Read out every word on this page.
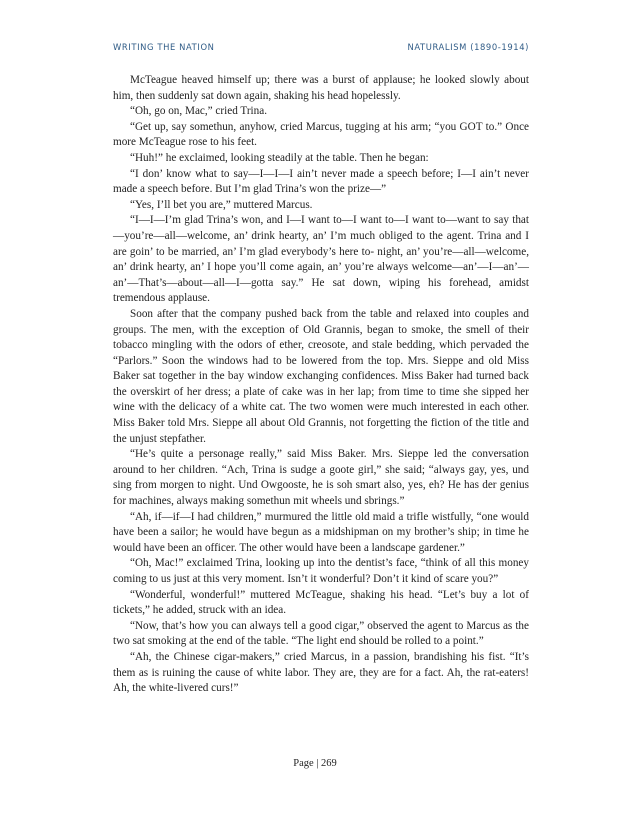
WRITING THE NATION	NATURALISM (1890-1914)

McTeague heaved himself up; there was a burst of applause; he looked slowly about him, then suddenly sat down again, shaking his head hopelessly.

“Oh, go on, Mac,” cried Trina.

“Get up, say somethun, anyhow, cried Marcus, tugging at his arm; “you GOT to.” Once more McTeague rose to his feet.

“Huh!” he exclaimed, looking steadily at the table. Then he began:

“I don’ know what to say—I—I—I ain’t never made a speech before; I—I ain’t never made a speech before. But I’m glad Trina’s won the prize—”

“Yes, I’ll bet you are,” muttered Marcus.

“I—I—I’m glad Trina’s won, and I—I want to—I want to—I want to—want to say that—you’re—all—welcome, an’ drink hearty, an’ I’m much obliged to the agent. Trina and I are goin’ to be married, an’ I’m glad everybody’s here to- night, an’ you’re—all—welcome, an’ drink hearty, an’ I hope you’ll come again, an’ you’re always welcome—an’—I—an’—an’—That’s—about—all—I—gotta say.” He sat down, wiping his forehead, amidst tremendous applause.

Soon after that the company pushed back from the table and relaxed into couples and groups. The men, with the exception of Old Grannis, began to smoke, the smell of their tobacco mingling with the odors of ether, creosote, and stale bedding, which pervaded the “Parlors.” Soon the windows had to be lowered from the top. Mrs. Sieppe and old Miss Baker sat together in the bay window exchanging confidences. Miss Baker had turned back the overskirt of her dress; a plate of cake was in her lap; from time to time she sipped her wine with the delicacy of a white cat. The two women were much interested in each other. Miss Baker told Mrs. Sieppe all about Old Grannis, not forgetting the fiction of the title and the unjust stepfather.

“He’s quite a personage really,” said Miss Baker. Mrs. Sieppe led the conversation around to her children. “Ach, Trina is sudge a goote girl,” she said; “always gay, yes, und sing from morgen to night. Und Owgooste, he is soh smart also, yes, eh? He has der genius for machines, always making somethun mit wheels und sbrings.”

“Ah, if—if—I had children,” murmured the little old maid a trifle wistfully, “one would have been a sailor; he would have begun as a midshipman on my brother’s ship; in time he would have been an officer. The other would have been a landscape gardener.”

“Oh, Mac!” exclaimed Trina, looking up into the dentist’s face, “think of all this money coming to us just at this very moment. Isn’t it wonderful? Don’t it kind of scare you?”

“Wonderful, wonderful!” muttered McTeague, shaking his head. “Let’s buy a lot of tickets,” he added, struck with an idea.

“Now, that’s how you can always tell a good cigar,” observed the agent to Marcus as the two sat smoking at the end of the table. “The light end should be rolled to a point.”

“Ah, the Chinese cigar-makers,” cried Marcus, in a passion, brandishing his fist. “It’s them as is ruining the cause of white labor. They are, they are for a fact. Ah, the rat-eaters! Ah, the white-livered curs!”

Page | 269
